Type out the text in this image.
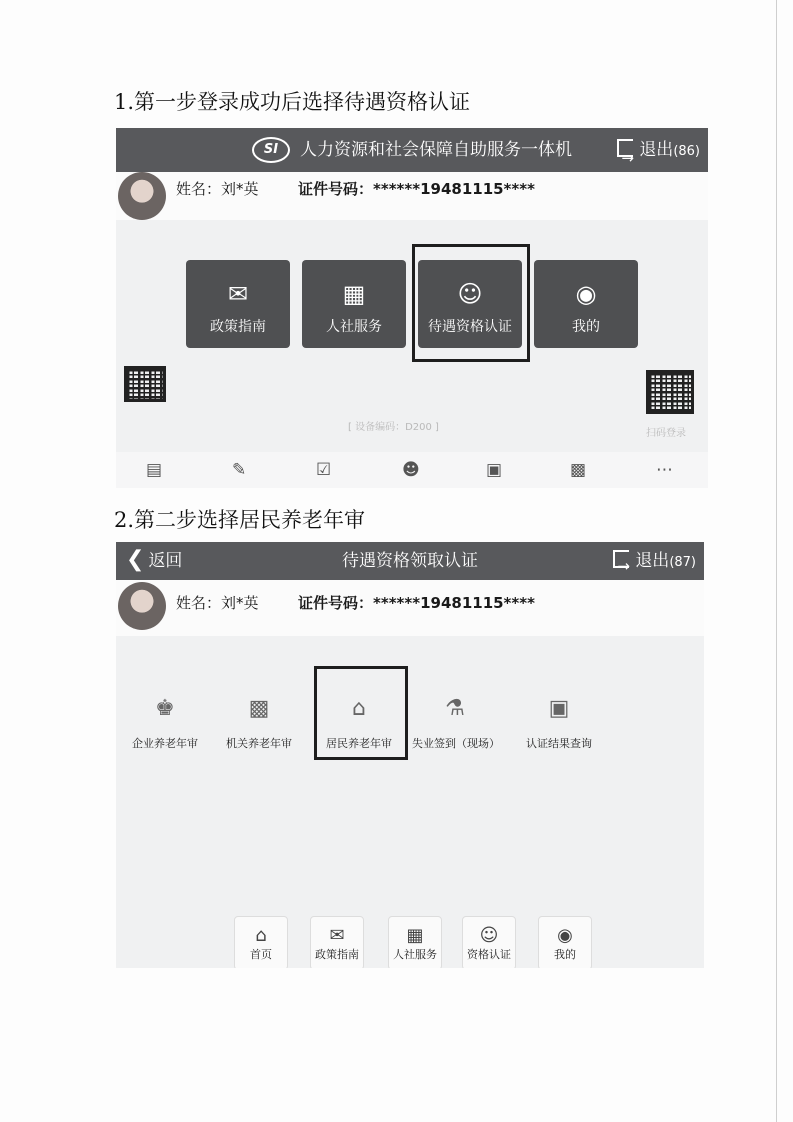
1.第一步登录成功后选择待遇资格认证
SI 人力资源和社会保障自助服务一体机 →	退出(86)
姓名：刘*英	证件号码：******19481115****
✉
政策指南
▦
人社服务
☺
待遇资格认证
◉
我的
[ 设备编码：D200 ]
扫码登录
▤	✎	☑	☻	▣	▩	⋯
2.第二步选择居民养老年审
❮ 返回	待遇资格领取认证 →	退出(87)
姓名：刘*英	证件号码：******19481115****
♚
企业养老年审
▩
机关养老年审
⌂
居民养老年审
⚗
失业签到（现场）
▣
认证结果查询
⌂
首页
✉
政策指南
▦
人社服务
☺
资格认证
◉
我的
